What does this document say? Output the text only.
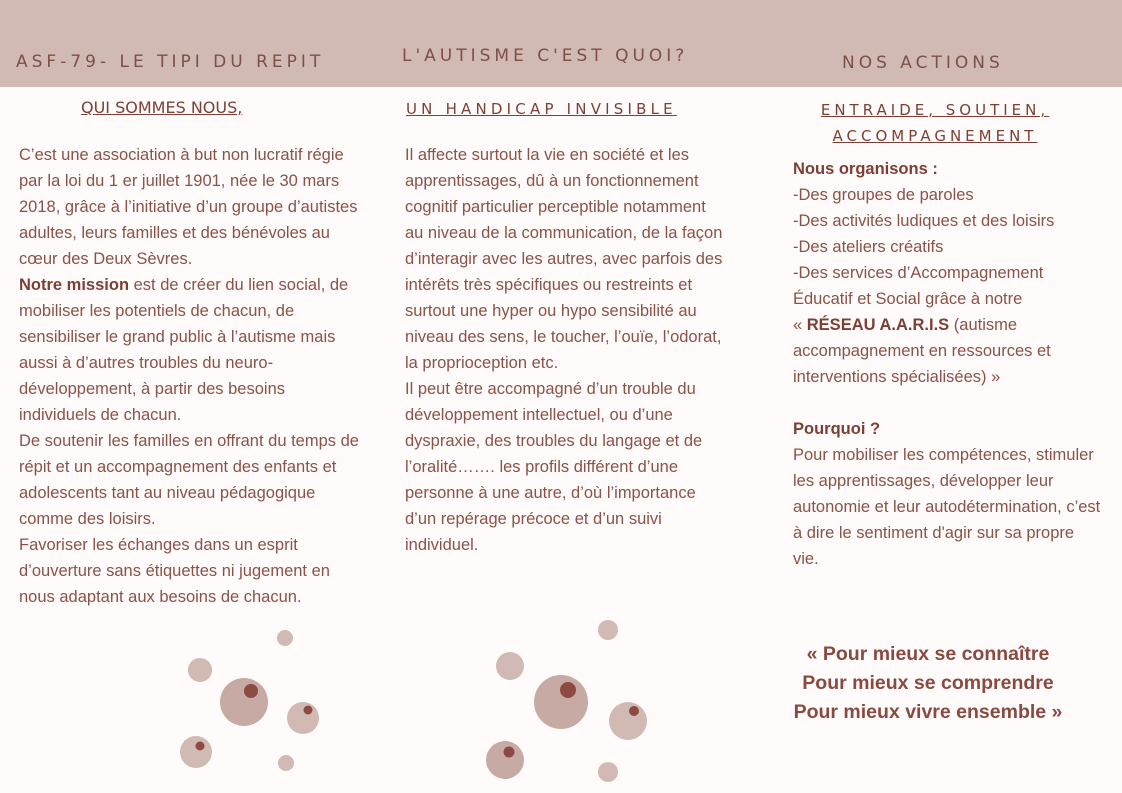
ASF-79- LE TIPI DU REPIT	L'AUTISME C'EST QUOI?	NOS ACTIONS
QUI SOMMES NOUS,	UN HANDICAP INVISIBLE	ENTRAIDE, SOUTIEN, ACCOMPAGNEMENT
C’est une association à but non lucratif régie par la loi du 1 er juillet 1901, née le 30 mars 2018, grâce à l’initiative d’un groupe d’autistes adultes, leurs familles et des bénévoles au cœur des Deux Sèvres.
Notre mission est de créer du lien social, de mobiliser les potentiels de chacun, de sensibiliser le grand public à l’autisme mais aussi à d’autres troubles du neuro-développement, à partir des besoins individuels de chacun.
De soutenir les familles en offrant du temps de répit et un accompagnement des enfants et adolescents tant au niveau pédagogique comme des loisirs.
Favoriser les échanges dans un esprit d’ouverture sans étiquettes ni jugement en nous adaptant aux besoins de chacun.
Il affecte surtout la vie en société et les apprentissages, dû à un fonctionnement cognitif particulier perceptible notamment au niveau de la communication, de la façon d’interagir avec les autres, avec parfois des intérêts très spécifiques ou restreints et surtout une hyper ou hypo sensibilité au niveau des sens, le toucher, l’ouïe, l’odorat, la proprioception etc.
Il peut être accompagné d’un trouble du développement intellectuel, ou d’une dyspraxie, des troubles du langage et de l’oralité……. les profils différent d’une personne à une autre, d’où l’importance d’un repérage précoce et d’un suivi individuel.
Nous organisons :
-Des groupes de paroles
-Des activités ludiques et des loisirs
-Des ateliers créatifs
-Des services d’Accompagnement Éducatif et Social grâce à notre
« RÉSEAU A.A.R.I.S (autisme accompagnement en ressources et interventions spécialisées) »
Pourquoi ?
Pour mobiliser les compétences, stimuler les apprentissages, développer leur autonomie et leur autodétermination, c’est à dire le sentiment d'agir sur sa propre vie.
« Pour mieux se connaître
Pour mieux se comprendre
Pour mieux vivre ensemble »
